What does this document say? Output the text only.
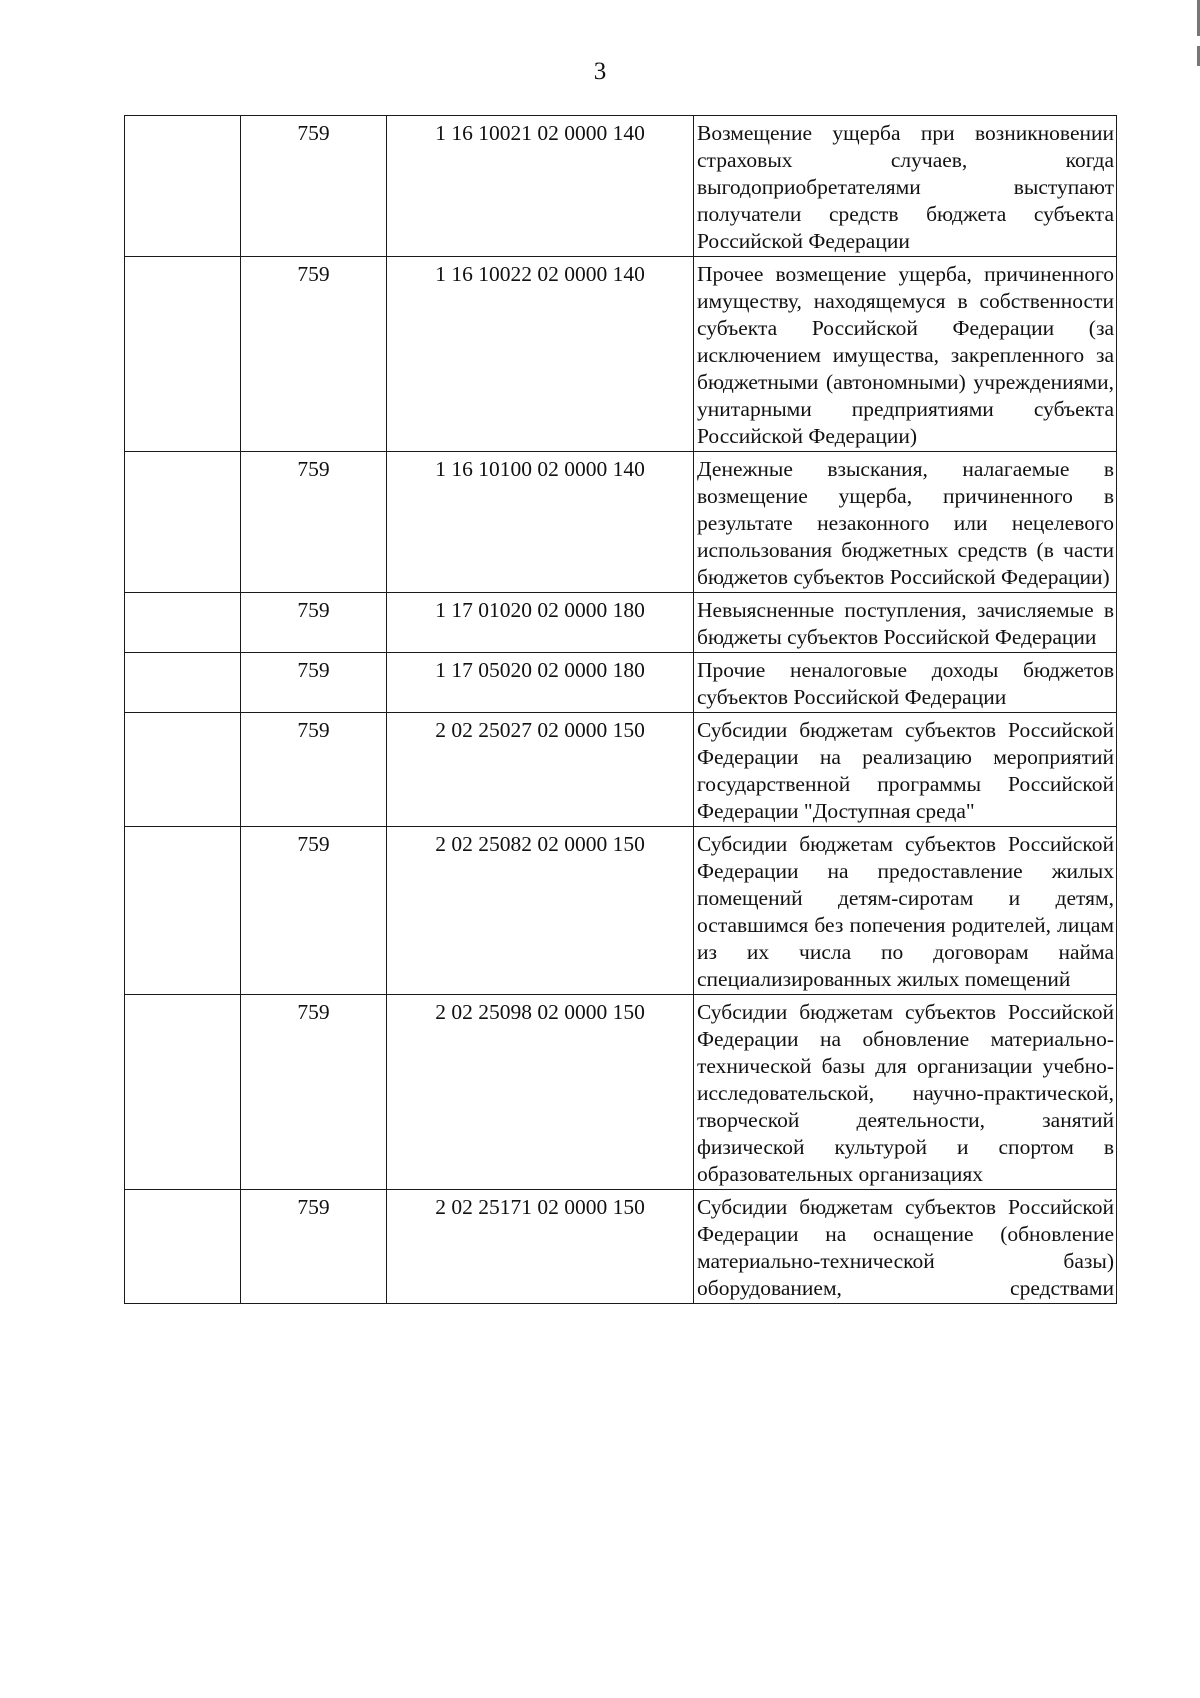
3
	759	1 16 10021 02 0000 140	Возмещение ущерба при возникновении страховых случаев, когда выгодоприобретателями выступают получатели средств бюджета субъекта Российской Федерации
	759	1 16 10022 02 0000 140	Прочее возмещение ущерба, причиненного имуществу, находящемуся в собственности субъекта Российской Федерации (за исключением имущества, закрепленного за бюджетными (автономными) учреждениями, унитарными предприятиями субъекта Российской Федерации)
	759	1 16 10100 02 0000 140	Денежные взыскания, налагаемые в возмещение ущерба, причиненного в результате незаконного или нецелевого использования бюджетных средств (в части бюджетов субъектов Российской Федерации)
	759	1 17 01020 02 0000 180	Невыясненные поступления, зачисляемые в бюджеты субъектов Российской Федерации
	759	1 17 05020 02 0000 180	Прочие неналоговые доходы бюджетов субъектов Российской Федерации
	759	2 02 25027 02 0000 150	Субсидии бюджетам субъектов Российской Федерации на реализацию мероприятий государственной программы Российской Федерации "Доступная среда"
	759	2 02 25082 02 0000 150	Субсидии бюджетам субъектов Российской Федерации на предоставление жилых помещений детям-сиротам и детям, оставшимся без попечения родителей, лицам из их числа по договорам найма специализированных жилых помещений
	759	2 02 25098 02 0000 150	Субсидии бюджетам субъектов Российской Федерации на обновление материально-технической базы для организации учебно-исследовательской, научно-практической, творческой деятельности, занятий физической культурой и спортом в образовательных организациях
	759	2 02 25171 02 0000 150	Субсидии бюджетам субъектов Российской Федерации на оснащение (обновление материально-технической базы) оборудованием, средствами
